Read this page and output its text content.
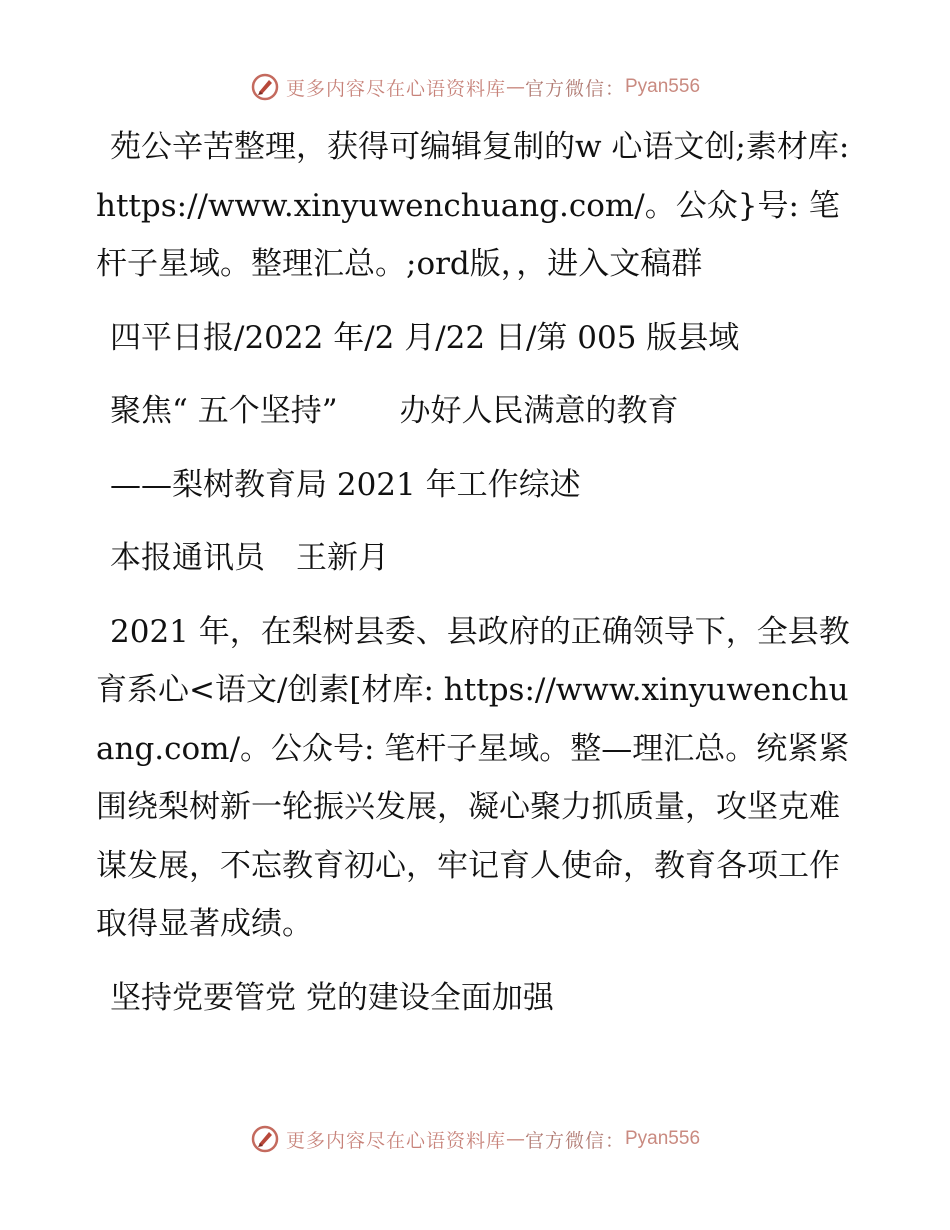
更多内容尽在心语资料库 — 官方微信： Pyan556

苑公辛苦整理，获得可编辑复制的w 心语文创;素材库: https://www.xinyuwenchuang.com/。公众}号: 笔杆子星域。整理汇总。;ord版，，进入文稿群

四平日报/2022 年/2 月/22 日/第 005 版县域

聚焦“ 五个坚持”　　办好人民满意的教育

——梨树教育局 2021 年工作综述

本报通讯员　王新月

2021 年，在梨树县委、县政府的正确领导下，全县教育系心<语文/创素[材库: https://www.xinyuwenchuang.com/。公众号: 笔杆子星域。整—理汇总。统紧紧围绕梨树新一轮振兴发展，凝心聚力抓质量，攻坚克难谋发展，不忘教育初心，牢记育人使命，教育各项工作取得显著成绩。

坚持党要管党 党的建设全面加强

更多内容尽在心语资料库 — 官方微信： Pyan556
